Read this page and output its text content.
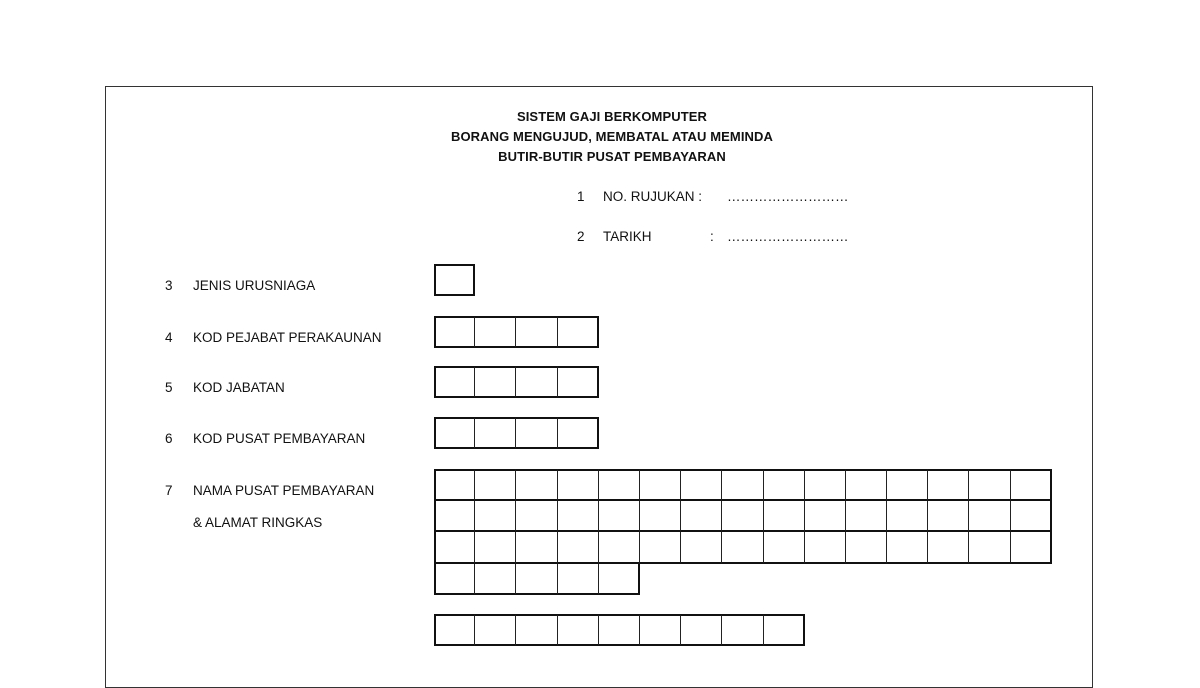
SISTEM GAJI BERKOMPUTER
BORANG MENGUJUD, MEMBATAL ATAU MEMINDA
BUTIR-BUTIR PUSAT PEMBAYARAN
1 NO. RUJUKAN : ………………………
2 TARIKH	: ………………………
3 JENIS URUSNIAGA
4 KOD PEJABAT PERAKAUNAN
5 KOD JABATAN
6 KOD PUSAT PEMBAYARAN
7 NAMA PUSAT PEMBAYARAN
& ALAMAT RINGKAS
